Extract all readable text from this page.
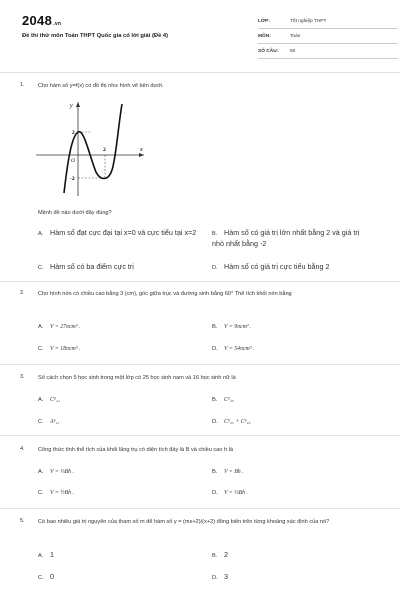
2048.vn
Đề thi thử môn Toán THPT Quốc gia có lời giải (Đề 4)
LỚP:	Tốt nghiệp THPT
MÔN:	Toán
SỐ CÂU:	50
1.	Cho hàm số y=f(x) có đồ thị như hình vẽ bên dưới.
y
x
O
2
2
-2
Mệnh đề nào dưới đây đúng?
A. Hàm số đạt cực đại tại x=0 và cực tiểu tại x=2	B. Hàm số có giá trị lớn nhất bằng 2 và giá trị nhỏ nhất bằng -2
C. Hàm số có ba điểm cực trị	D. Hàm số có giá trị cực tiểu bằng 2
2.	Cho hình nón có chiều cao bằng 3 (cm), góc giữa trục và đường sinh bằng 60° Thể tích khối nón bằng
A. V = 27πcm³ .	B. V = 9πcm³ .
C. V = 18πcm³ .	D. V = 54πcm³ .
3.	Số cách chọn 5 học sinh trong một lớp có 25 học sinh nam và 16 học sinh nữ là
A. C⁵₄₁	B. C⁵₂₅
C. A⁵₄₁	D. C⁵₂₅ + C⁵₁₆
4.	Công thức tính thể tích của khối lăng trụ có diện tích đáy là B và chiều cao h là
A. V = ⅓Bh .	B. V = Bh .
C. V = ½Bh .	D. V = ⅔Bh .
5.	Có bao nhiêu giá trị nguyên của tham số m để hàm số y = (mx+2)/(x+2) đồng biến trên từng khoảng xác định của nó?
A. 1	B. 2
C. 0	D. 3
